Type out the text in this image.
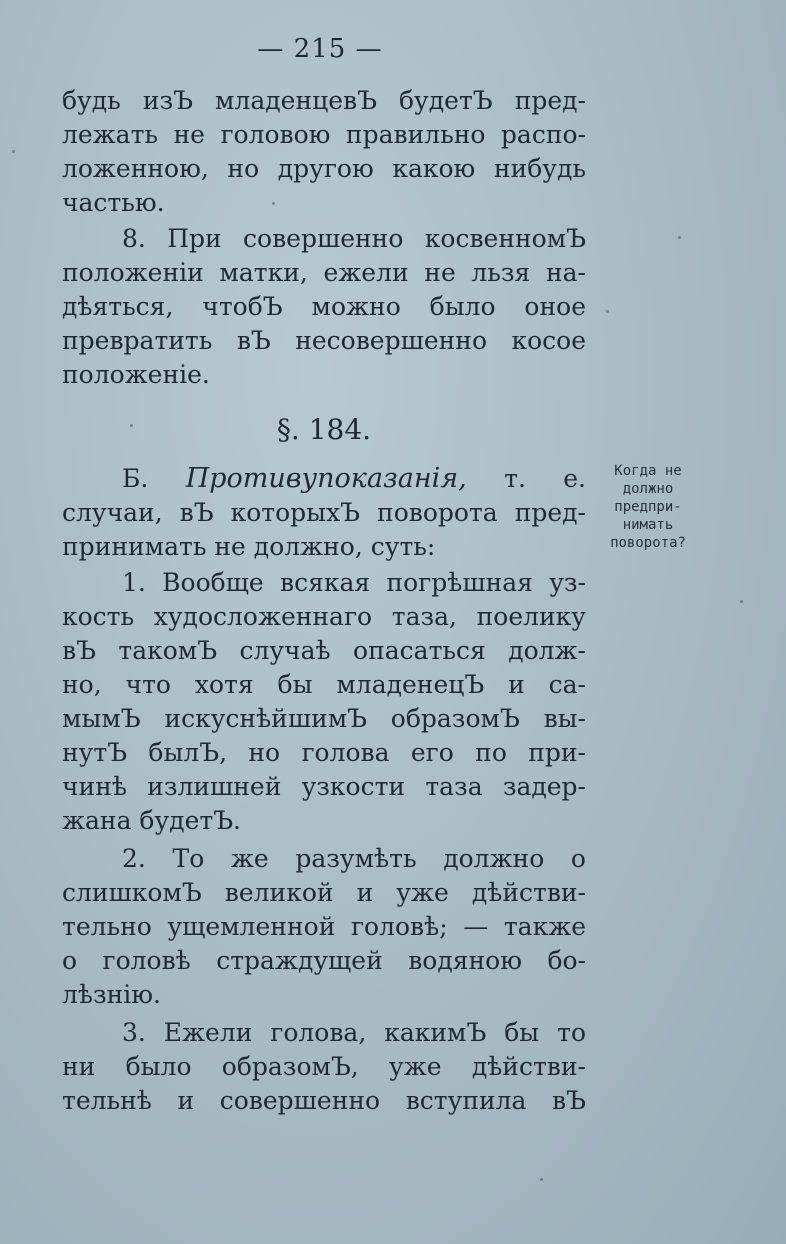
— 215 —
будь изЪ младенцевЪ будетЪ пред-
лежать не головою правильно распо-
ложенною, но другою какою нибудь
частью.
8. При совершенно косвенномЪ
положеніи матки, ежели не льзя на-
дѣяться, чтобЪ можно было оное
превратить вЪ несовершенно косое
положеніе.
§. 184.
Б. Противупоказанія, т. е.
случаи, вЪ которыхЪ поворота пред-
принимать не должно, суть:
Когда не
должно
предпри-
нимать
поворота?
1. Вообще всякая погрѣшная уз-
кость худосложеннаго таза, поелику
вЪ такомЪ случаѣ опасаться долж-
но, что хотя бы младенецЪ и са-
мымЪ искуснѣйшимЪ образомЪ вы-
нутЪ былЪ, но голова его по при-
чинѣ излишней узкости таза задер-
жана будетЪ.
2. То же разумѣть должно о
слишкомЪ великой и уже дѣйстви-
тельно ущемленной головѣ; — также
о головѣ страждущей водяною бо-
лѣзнію.
3. Ежели голова, какимЪ бы то
ни было образомЪ, уже дѣйстви-
тельнѣ и совершенно вступила вЪ
